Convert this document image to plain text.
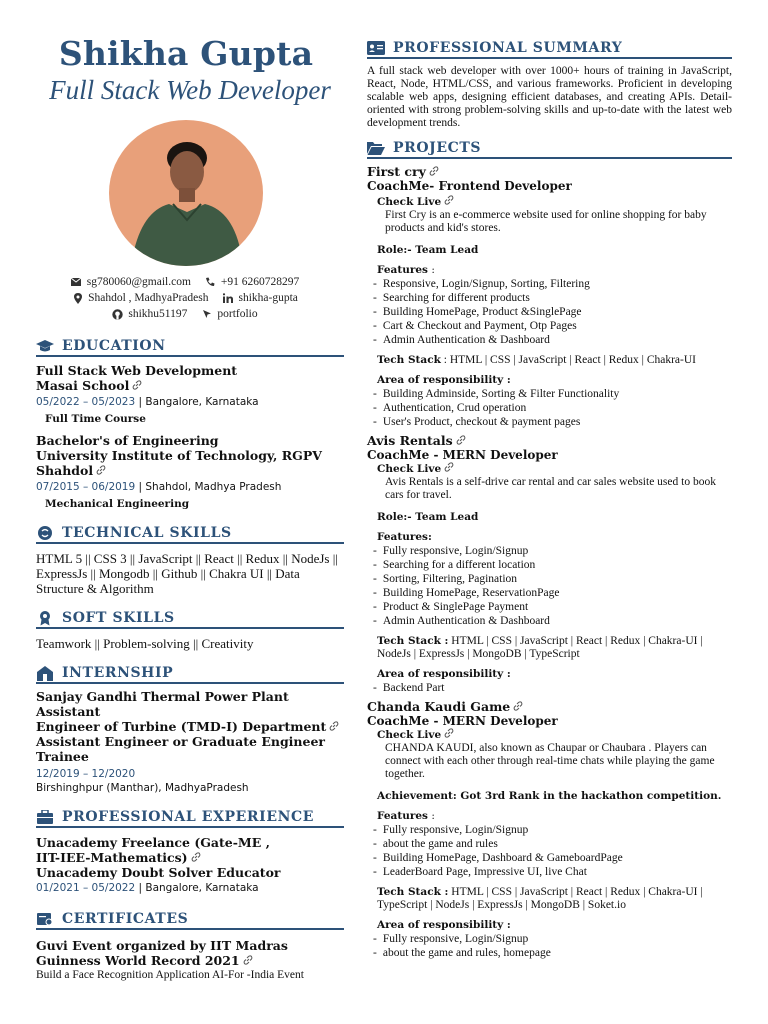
Shikha Gupta
Full Stack Web Developer
sg780060@gmail.com	+91 6260728297
Shahdol , MadhyaPradesh	shikha-gupta
shikhu51197	portfolio
EDUCATION
Full Stack Web Development
Masai School
05/2022 – 05/2023 | Bangalore, Karnataka
Full Time Course
Bachelor's of Engineering
University Institute of Technology, RGPV Shahdol
07/2015 – 06/2019 | Shahdol, Madhya Pradesh
Mechanical Engineering
TECHNICAL SKILLS
HTML 5 || CSS 3 || JavaScript || React || Redux || NodeJs || ExpressJs || Mongodb || Github || Chakra UI || Data Structure & Algorithm
SOFT SKILLS
Teamwork || Problem-solving || Creativity
INTERNSHIP
Sanjay Gandhi Thermal Power Plant Assistant
Engineer of Turbine (TMD-I) Department
Assistant Engineer or Graduate Engineer Trainee
12/2019 – 12/2020
Birshinghpur (Manthar), MadhyaPradesh
PROFESSIONAL EXPERIENCE
Unacademy Freelance (Gate-ME ,
IIT-IEE-Mathematics)
Unacademy Doubt Solver Educator
01/2021 – 05/2022 | Bangalore, Karnataka
CERTIFICATES
Guvi Event organized by IIT Madras Guinness World Record 2021
Build a Face Recognition Application AI-For -India Event
PROFESSIONAL SUMMARY
A full stack web developer with over 1000+ hours of training in JavaScript, React, Node, HTML/CSS, and various frameworks. Proficient in developing scalable web apps, designing efficient databases, and creating APIs. Detail-oriented with strong problem-solving skills and up-to-date with the latest web development trends.
PROJECTS
First cry
CoachMe- Frontend Developer
Check Live
First Cry is an e-commerce website used for online shopping for baby products and kid's stores.
Role:- Team Lead
Features :
- Responsive, Login/Signup, Sorting, Filtering
- Searching for different products
- Building HomePage, Product &SinglePage
- Cart & Checkout and Payment, Otp Pages
- Admin Authentication & Dashboard
Tech Stack : HTML | CSS | JavaScript | React | Redux | Chakra-UI
Area of responsibility :
- Building Adminside, Sorting & Filter Functionality
- Authentication, Crud operation
- User's Product, checkout & payment pages
Avis Rentals
CoachMe - MERN Developer
Check Live
Avis Rentals is a self-drive car rental and car sales website used to book cars for travel.
Role:- Team Lead
Features:
- Fully responsive, Login/Signup
- Searching for a different location
- Sorting, Filtering, Pagination
- Building HomePage, ReservationPage
- Product & SinglePage Payment
- Admin Authentication & Dashboard
Tech Stack : HTML | CSS | JavaScript | React | Redux | Chakra-UI | NodeJs | ExpressJs | MongoDB | TypeScript
Area of responsibility :
- Backend Part
Chanda Kaudi Game
CoachMe - MERN Developer
Check Live
CHANDA KAUDI, also known as Chaupar or Chaubara . Players can connect with each other through real-time chats while playing the game together.
Achievement: Got 3rd Rank in the hackathon competition.
Features :
- Fully responsive, Login/Signup
- about the game and rules
- Building HomePage, Dashboard & GameboardPage
- LeaderBoard Page, Impressive UI, live Chat
Tech Stack : HTML | CSS | JavaScript | React | Redux | Chakra-UI | TypeScript | NodeJs | ExpressJs | MongoDB | Soket.io
Area of responsibility :
- Fully responsive, Login/Signup
- about the game and rules, homepage
